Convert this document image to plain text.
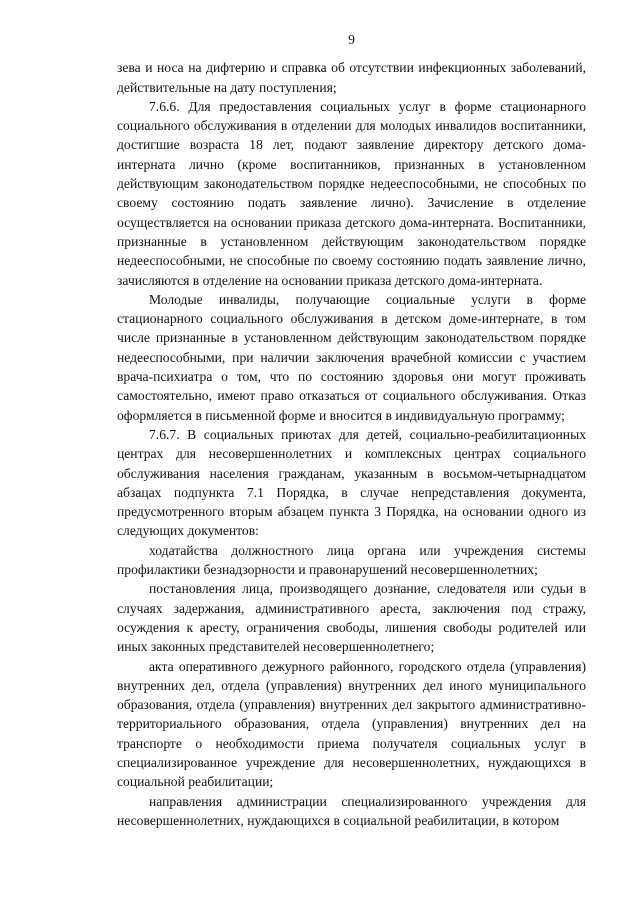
9

зева и носа на дифтерию и справка об отсутствии инфекционных заболеваний, действительные на дату поступления;

7.6.6. Для предоставления социальных услуг в форме стационарного социального обслуживания в отделении для молодых инвалидов воспитанники, достигшие возраста 18 лет, подают заявление директору детского дома-интерната лично (кроме воспитанников, признанных в установленном действующим законодательством порядке недееспособными, не способных по своему состоянию подать заявление лично). Зачисление в отделение осуществляется на основании приказа детского дома-интерната. Воспитанники, признанные в установленном действующим законодательством порядке недееспособными, не способные по своему состоянию подать заявление лично, зачисляются в отделение на основании приказа детского дома-интерната.

Молодые инвалиды, получающие социальные услуги в форме стационарного социального обслуживания в детском доме-интернате, в том числе признанные в установленном действующим законодательством порядке недееспособными, при наличии заключения врачебной комиссии с участием врача-психиатра о том, что по состоянию здоровья они могут проживать самостоятельно, имеют право отказаться от социального обслуживания. Отказ оформляется в письменной форме и вносится в индивидуальную программу;

7.6.7. В социальных приютах для детей, социально-реабилитационных центрах для несовершеннолетних и комплексных центрах социального обслуживания населения гражданам, указанным в восьмом-четырнадцатом абзацах подпункта 7.1 Порядка, в случае непредставления документа, предусмотренного вторым абзацем пункта 3 Порядка, на основании одного из следующих документов:

ходатайства должностного лица органа или учреждения системы профилактики безнадзорности и правонарушений несовершеннолетних;

постановления лица, производящего дознание, следователя или судьи в случаях задержания, административного ареста, заключения под стражу, осуждения к аресту, ограничения свободы, лишения свободы родителей или иных законных представителей несовершеннолетнего;

акта оперативного дежурного районного, городского отдела (управления) внутренних дел, отдела (управления) внутренних дел иного муниципального образования, отдела (управления) внутренних дел закрытого административно-территориального образования, отдела (управления) внутренних дел на транспорте о необходимости приема получателя социальных услуг в специализированное учреждение для несовершеннолетних, нуждающихся в социальной реабилитации;

направления администрации специализированного учреждения для несовершеннолетних, нуждающихся в социальной реабилитации, в котором
